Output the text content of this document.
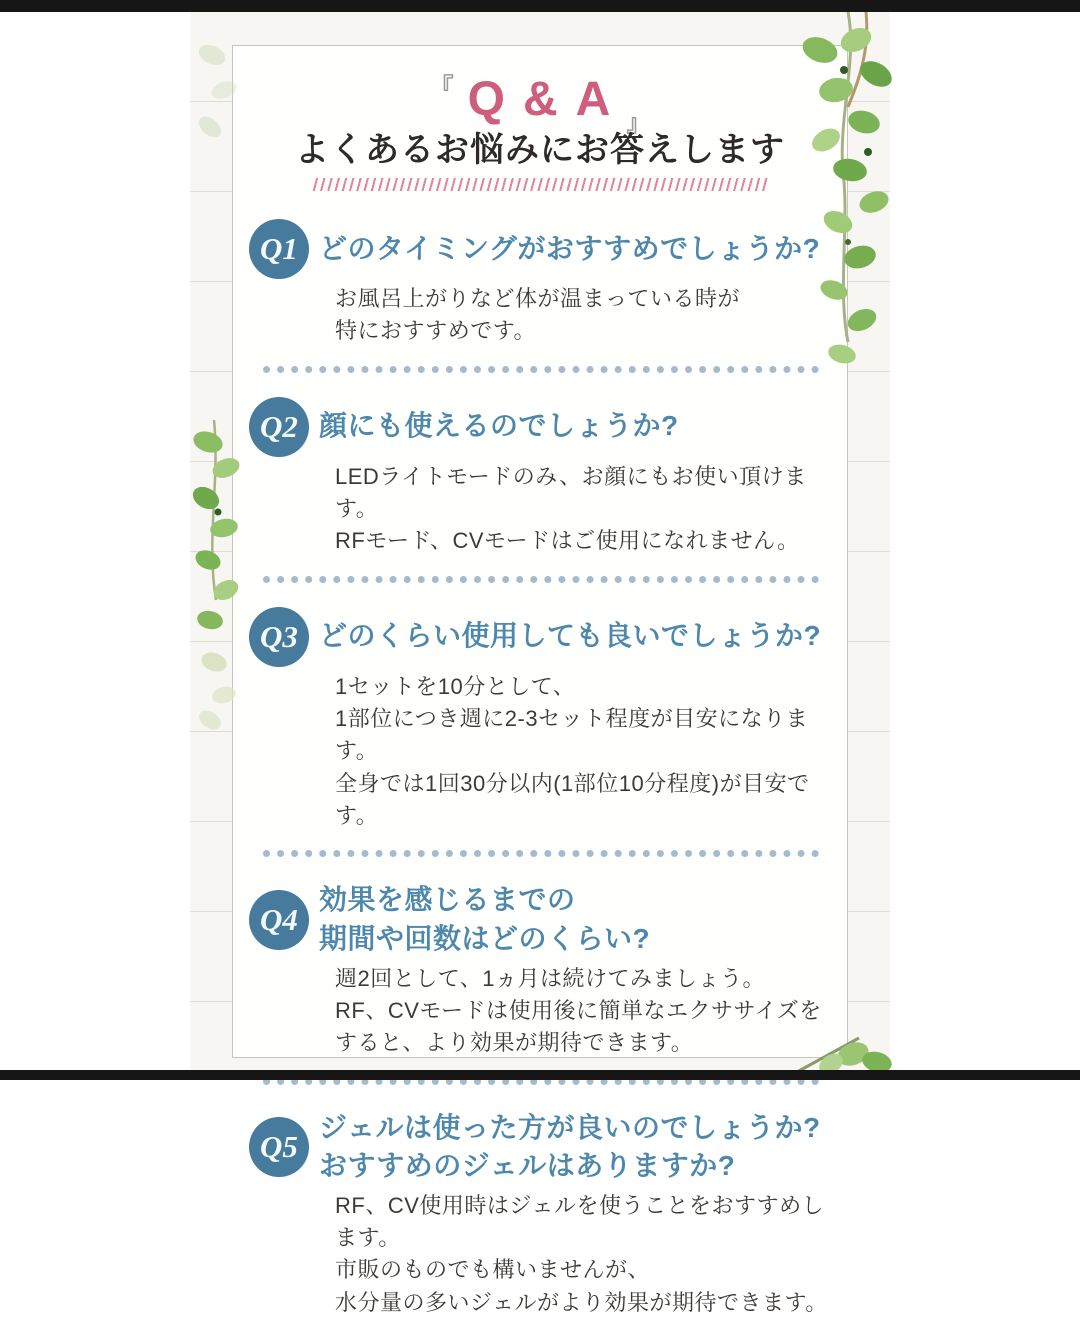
『 Q&A』
よくあるお悩みにお答えします
Q1 どのタイミングがおすすめでしょうか?
お風呂上がりなど体が温まっている時が
特におすすめです。
Q2 顔にも使えるのでしょうか?
LEDライトモードのみ、お顔にもお使い頂けます。
RFモード、CVモードはご使用になれません。
Q3 どのくらい使用しても良いでしょうか?
1セットを10分として、
1部位につき週に2-3セット程度が目安になります。
全身では1回30分以内(1部位10分程度)が目安です。
Q4
効果を感じるまでの
期間や回数はどのくらい?
週2回として、1ヵ月は続けてみましょう。
RF、CVモードは使用後に簡単なエクササイズを
すると、より効果が期待できます。
Q5
ジェルは使った方が良いのでしょうか?
おすすめのジェルはありますか?
RF、CV使用時はジェルを使うことをおすすめします。
市販のものでも構いませんが、
水分量の多いジェルがより効果が期待できます。
